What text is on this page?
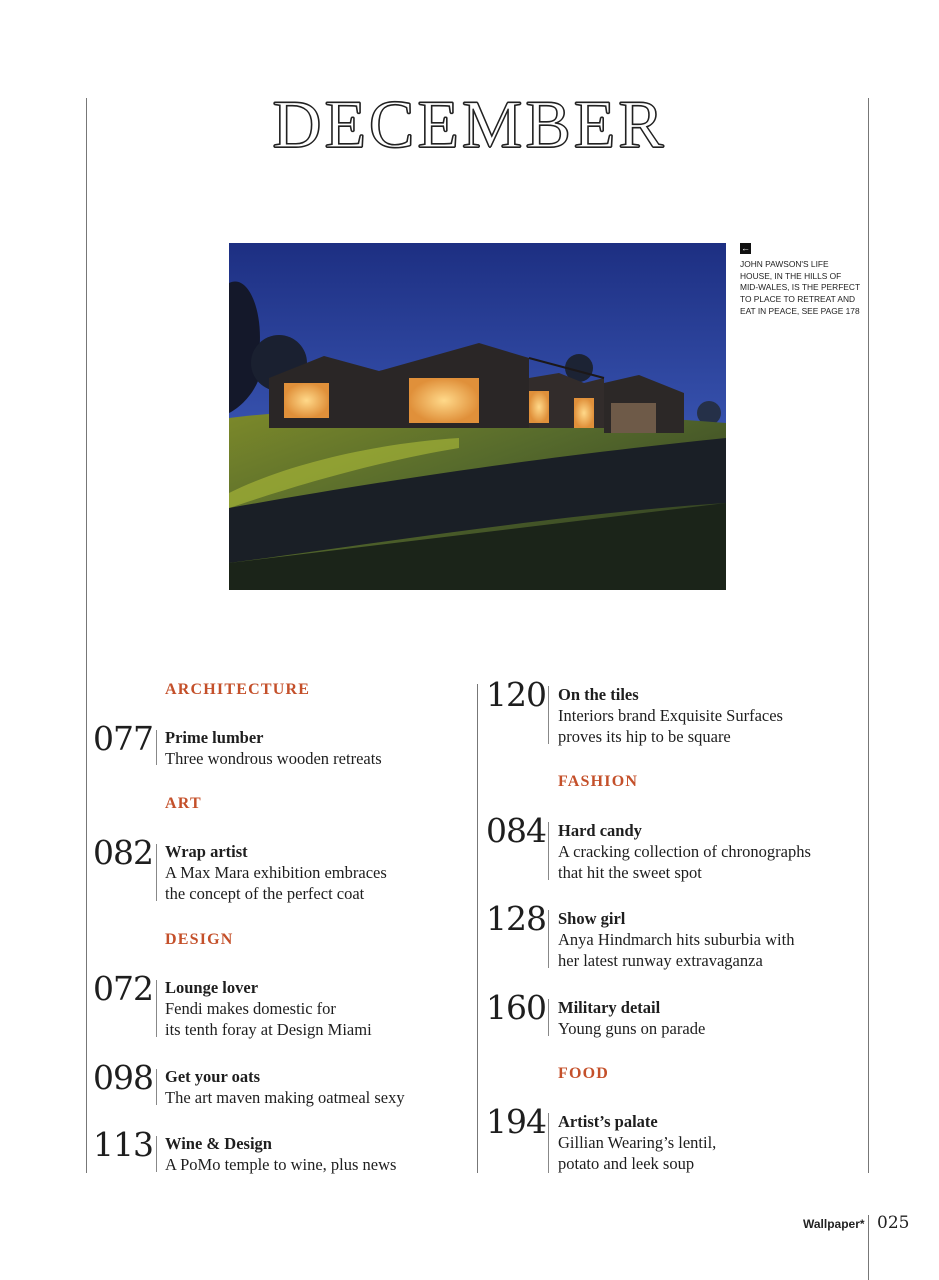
DECEMBER
←
JOHN PAWSON'S LIFE HOUSE, IN THE HILLS OF MID-WALES, IS THE PERFECT TO PLACE TO RETREAT AND EAT IN PEACE, SEE PAGE 178
ARCHITECTURE
077 Prime lumber
Three wondrous wooden retreats
ART
082 Wrap artist
A Max Mara exhibition embraces
the concept of the perfect coat
DESIGN
072 Lounge lover
Fendi makes domestic for
its tenth foray at Design Miami
098 Get your oats
The art maven making oatmeal sexy
113 Wine & Design
A PoMo temple to wine, plus news
120 On the tiles
Interiors brand Exquisite Surfaces
proves its hip to be square
FASHION
084 Hard candy
A cracking collection of chronographs
that hit the sweet spot
128 Show girl
Anya Hindmarch hits suburbia with
her latest runway extravaganza
160 Military detail
Young guns on parade
FOOD
194 Artist’s palate
Gillian Wearing’s lentil,
potato and leek soup
Wallpaper* 025
